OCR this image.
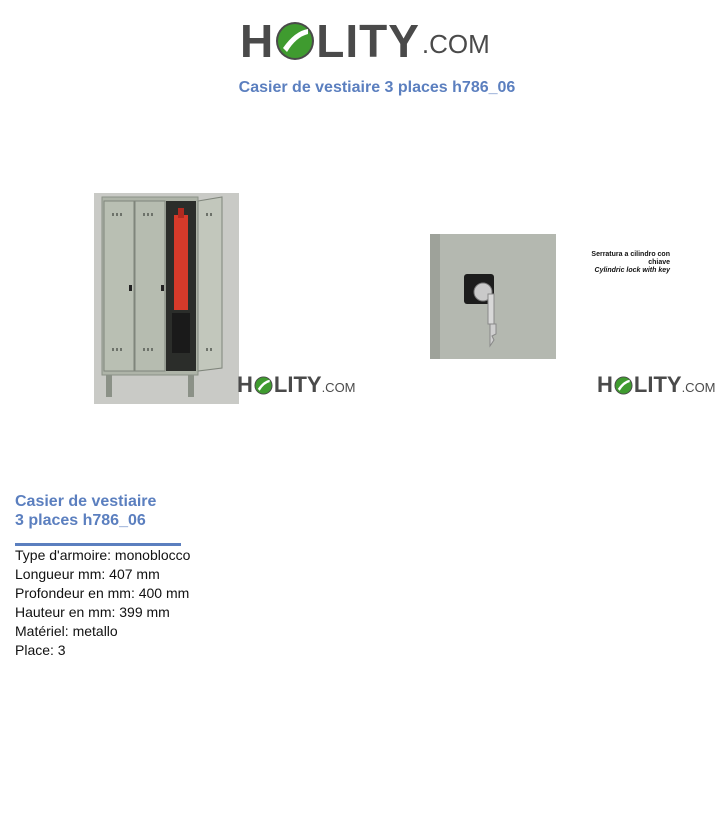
H LITY .COM
Casier de vestiaire 3 places h786_06
H LITY .COM
Serratura a cilindro con chiave
Cylindric lock with key
H LITY .COM
Casier de vestiaire
3 places h786_06
Type d'armoire: monoblocco
Longueur mm: 407 mm
Profondeur en mm: 400 mm
Hauteur en mm: 399 mm
Matériel: metallo
Place: 3
